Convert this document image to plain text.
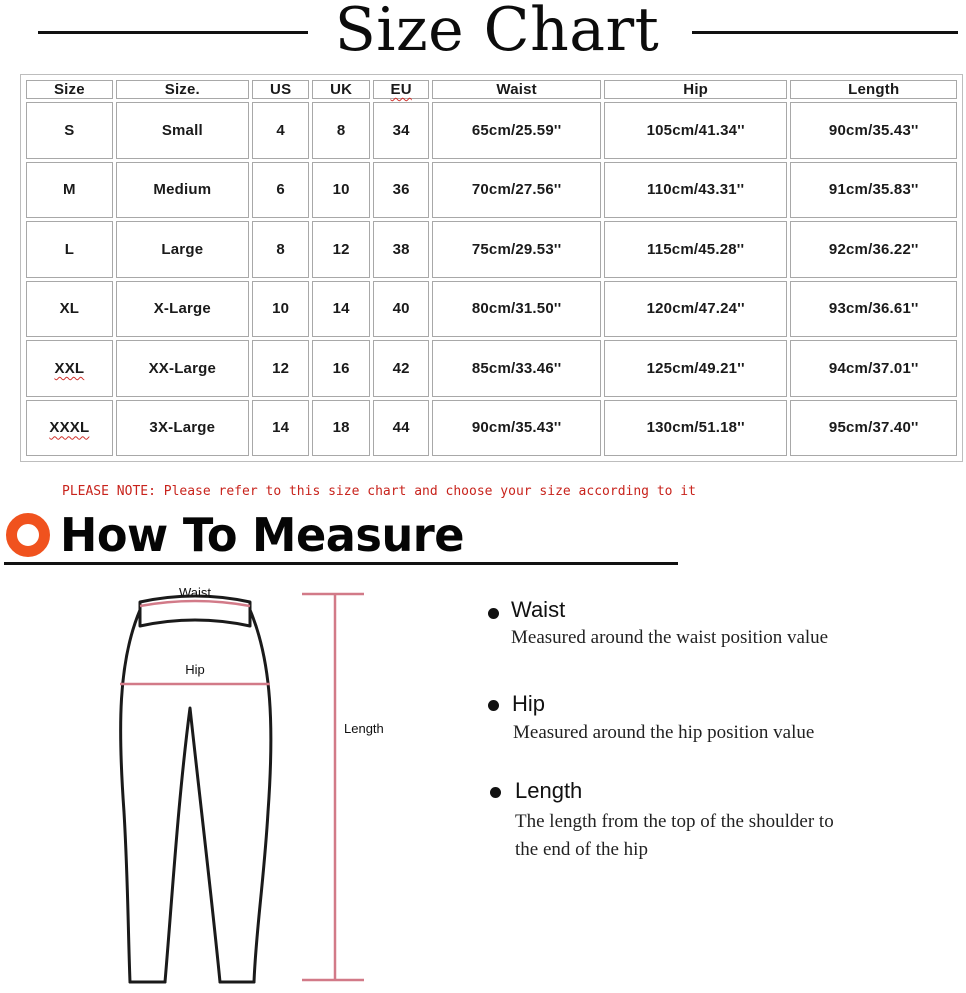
Size Chart
Size	Size.	US	UK	EU	Waist	Hip	Length
S	Small	4	8	34	65cm/25.59''	105cm/41.34''	90cm/35.43''
M	Medium	6	10	36	70cm/27.56''	110cm/43.31''	91cm/35.83''
L	Large	8	12	38	75cm/29.53''	115cm/45.28''	92cm/36.22''
XL	X-Large	10	14	40	80cm/31.50''	120cm/47.24''	93cm/36.61''
XXL	XX-Large	12	16	42	85cm/33.46''	125cm/49.21''	94cm/37.01''
XXXL	3X-Large	14	18	44	90cm/35.43''	130cm/51.18''	95cm/37.40''
PLEASE NOTE: Please refer to this size chart and choose your size according to it
How To Measure
Waist
Hip
Length
Waist
Measured around the waist position value
Hip
Measured around the hip position value
Length
The length from the top of the shoulder to
the end of the hip
